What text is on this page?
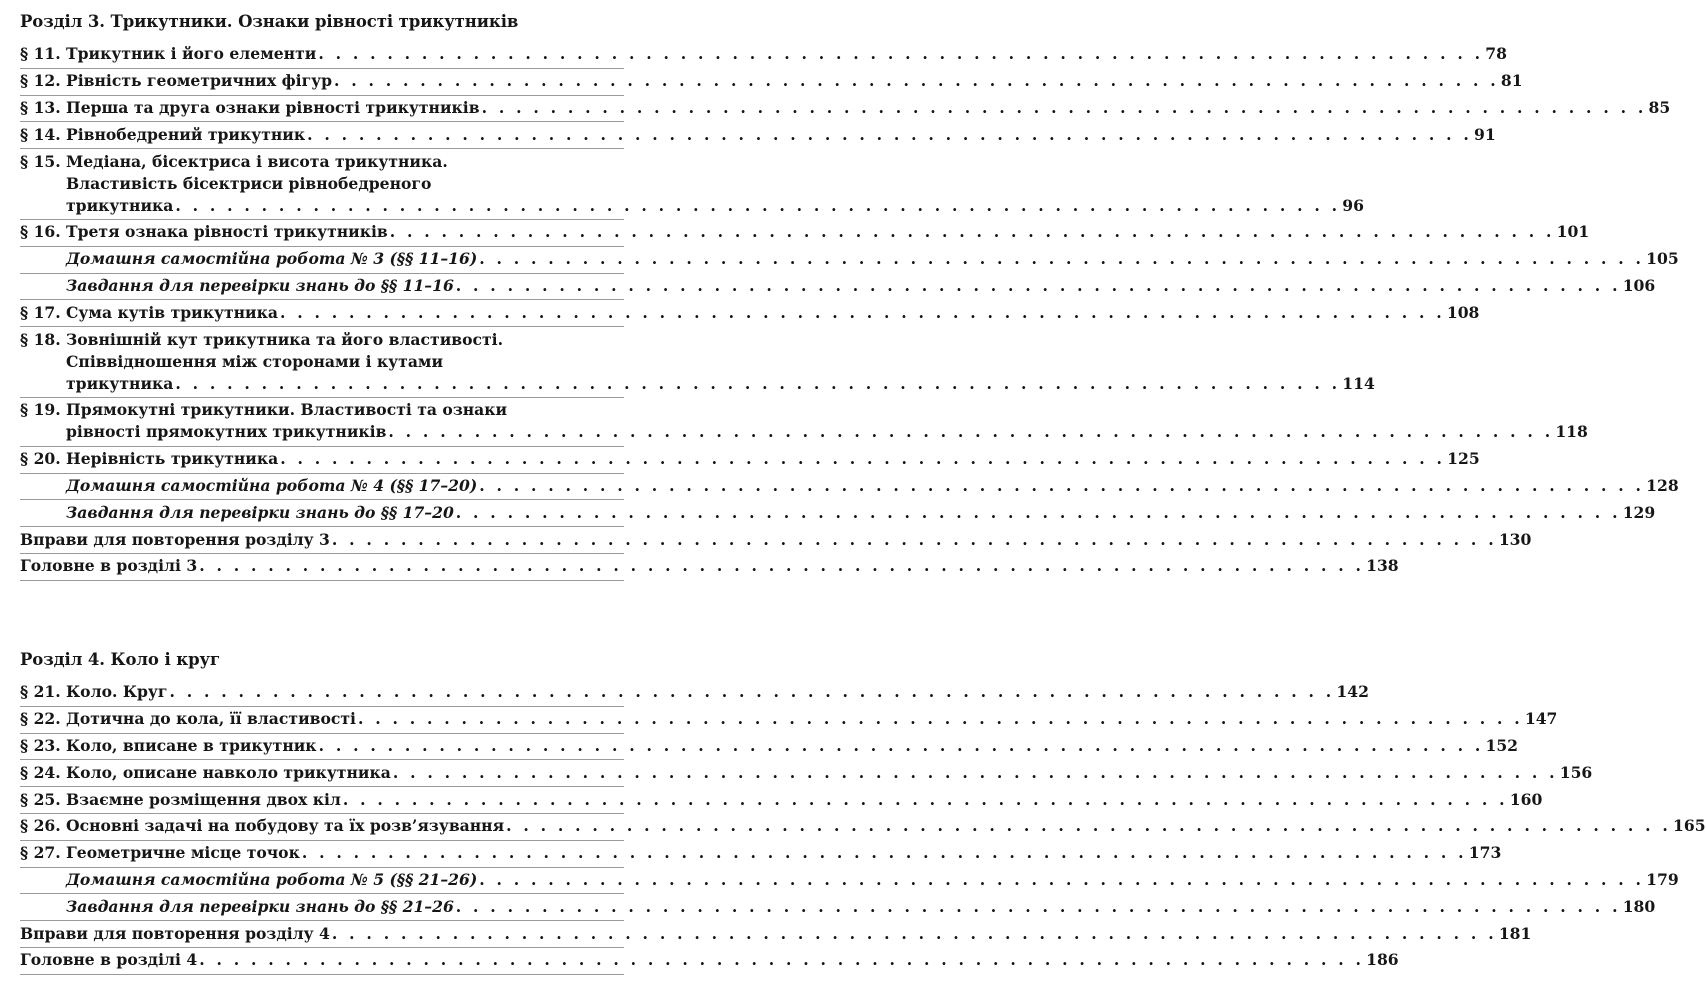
Розділ 3. Трикутники. Ознаки рівності трикутників
§ 11. Трикутник і його елементи . . . . . . . . . . . . . . . . . . . . . . . . . . . . . . . . . . . . . . . . . . . . . . . . . . . . . . . . . . . . . . . . . . . . 78
§ 12. Рівність геометричних фігур . . . . . . . . . . . . . . . . . . . . . . . . . . . . . . . . . . . . . . . . . . . . . . . . . . . . . . . . . . . . . . . . . . . . 81
§ 13. Перша та друга ознаки рівності трикутників . . . . . . . . . . . . . . . . . . . . . . . . . . . . . . . . . . . . . . . . . . . . . . . . . . . . . . . . . . . . . . . . . . . . 85
§ 14. Рівнобедрений трикутник . . . . . . . . . . . . . . . . . . . . . . . . . . . . . . . . . . . . . . . . . . . . . . . . . . . . . . . . . . . . . . . . . . . . 91
§ 15. Медіана, бісектриса і висота трикутника.
Властивість бісектриси рівнобедреного
трикутника . . . . . . . . . . . . . . . . . . . . . . . . . . . . . . . . . . . . . . . . . . . . . . . . . . . . . . . . . . . . . . . . . . . . 96
§ 16. Третя ознака рівності трикутників . . . . . . . . . . . . . . . . . . . . . . . . . . . . . . . . . . . . . . . . . . . . . . . . . . . . . . . . . . . . . . . . . . . . 101
Домашня самостійна робота № 3 (§§ 11–16) . . . . . . . . . . . . . . . . . . . . . . . . . . . . . . . . . . . . . . . . . . . . . . . . . . . . . . . . . . . . . . . . . . . . 105
Завдання для перевірки знань до §§ 11–16 . . . . . . . . . . . . . . . . . . . . . . . . . . . . . . . . . . . . . . . . . . . . . . . . . . . . . . . . . . . . . . . . . . . . 106
§ 17. Сума кутів трикутника . . . . . . . . . . . . . . . . . . . . . . . . . . . . . . . . . . . . . . . . . . . . . . . . . . . . . . . . . . . . . . . . . . . . 108
§ 18. Зовнішній кут трикутника та його властивості.
Співвідношення між сторонами і кутами
трикутника . . . . . . . . . . . . . . . . . . . . . . . . . . . . . . . . . . . . . . . . . . . . . . . . . . . . . . . . . . . . . . . . . . . . 114
§ 19. Прямокутні трикутники. Властивості та ознаки
рівності прямокутних трикутників . . . . . . . . . . . . . . . . . . . . . . . . . . . . . . . . . . . . . . . . . . . . . . . . . . . . . . . . . . . . . . . . . . . . 118
§ 20. Нерівність трикутника . . . . . . . . . . . . . . . . . . . . . . . . . . . . . . . . . . . . . . . . . . . . . . . . . . . . . . . . . . . . . . . . . . . . 125
Домашня самостійна робота № 4 (§§ 17–20) . . . . . . . . . . . . . . . . . . . . . . . . . . . . . . . . . . . . . . . . . . . . . . . . . . . . . . . . . . . . . . . . . . . . 128
Завдання для перевірки знань до §§ 17–20 . . . . . . . . . . . . . . . . . . . . . . . . . . . . . . . . . . . . . . . . . . . . . . . . . . . . . . . . . . . . . . . . . . . . 129
Вправи для повторення розділу 3 . . . . . . . . . . . . . . . . . . . . . . . . . . . . . . . . . . . . . . . . . . . . . . . . . . . . . . . . . . . . . . . . . . . . 130
Головне в розділі 3 . . . . . . . . . . . . . . . . . . . . . . . . . . . . . . . . . . . . . . . . . . . . . . . . . . . . . . . . . . . . . . . . . . . . 138
Розділ 4. Коло і круг
§ 21. Коло. Круг . . . . . . . . . . . . . . . . . . . . . . . . . . . . . . . . . . . . . . . . . . . . . . . . . . . . . . . . . . . . . . . . . . . . 142
§ 22. Дотична до кола, її властивості . . . . . . . . . . . . . . . . . . . . . . . . . . . . . . . . . . . . . . . . . . . . . . . . . . . . . . . . . . . . . . . . . . . . 147
§ 23. Коло, вписане в трикутник . . . . . . . . . . . . . . . . . . . . . . . . . . . . . . . . . . . . . . . . . . . . . . . . . . . . . . . . . . . . . . . . . . . . 152
§ 24. Коло, описане навколо трикутника . . . . . . . . . . . . . . . . . . . . . . . . . . . . . . . . . . . . . . . . . . . . . . . . . . . . . . . . . . . . . . . . . . . . 156
§ 25. Взаємне розміщення двох кіл . . . . . . . . . . . . . . . . . . . . . . . . . . . . . . . . . . . . . . . . . . . . . . . . . . . . . . . . . . . . . . . . . . . . 160
§ 26. Основні задачі на побудову та їх розв’язування . . . . . . . . . . . . . . . . . . . . . . . . . . . . . . . . . . . . . . . . . . . . . . . . . . . . . . . . . . . . . . . . . . . . 165
§ 27. Геометричне місце точок . . . . . . . . . . . . . . . . . . . . . . . . . . . . . . . . . . . . . . . . . . . . . . . . . . . . . . . . . . . . . . . . . . . . 173
Домашня самостійна робота № 5 (§§ 21–26) . . . . . . . . . . . . . . . . . . . . . . . . . . . . . . . . . . . . . . . . . . . . . . . . . . . . . . . . . . . . . . . . . . . . 179
Завдання для перевірки знань до §§ 21–26 . . . . . . . . . . . . . . . . . . . . . . . . . . . . . . . . . . . . . . . . . . . . . . . . . . . . . . . . . . . . . . . . . . . . 180
Вправи для повторення розділу 4 . . . . . . . . . . . . . . . . . . . . . . . . . . . . . . . . . . . . . . . . . . . . . . . . . . . . . . . . . . . . . . . . . . . . 181
Головне в розділі 4 . . . . . . . . . . . . . . . . . . . . . . . . . . . . . . . . . . . . . . . . . . . . . . . . . . . . . . . . . . . . . . . . . . . . 186
